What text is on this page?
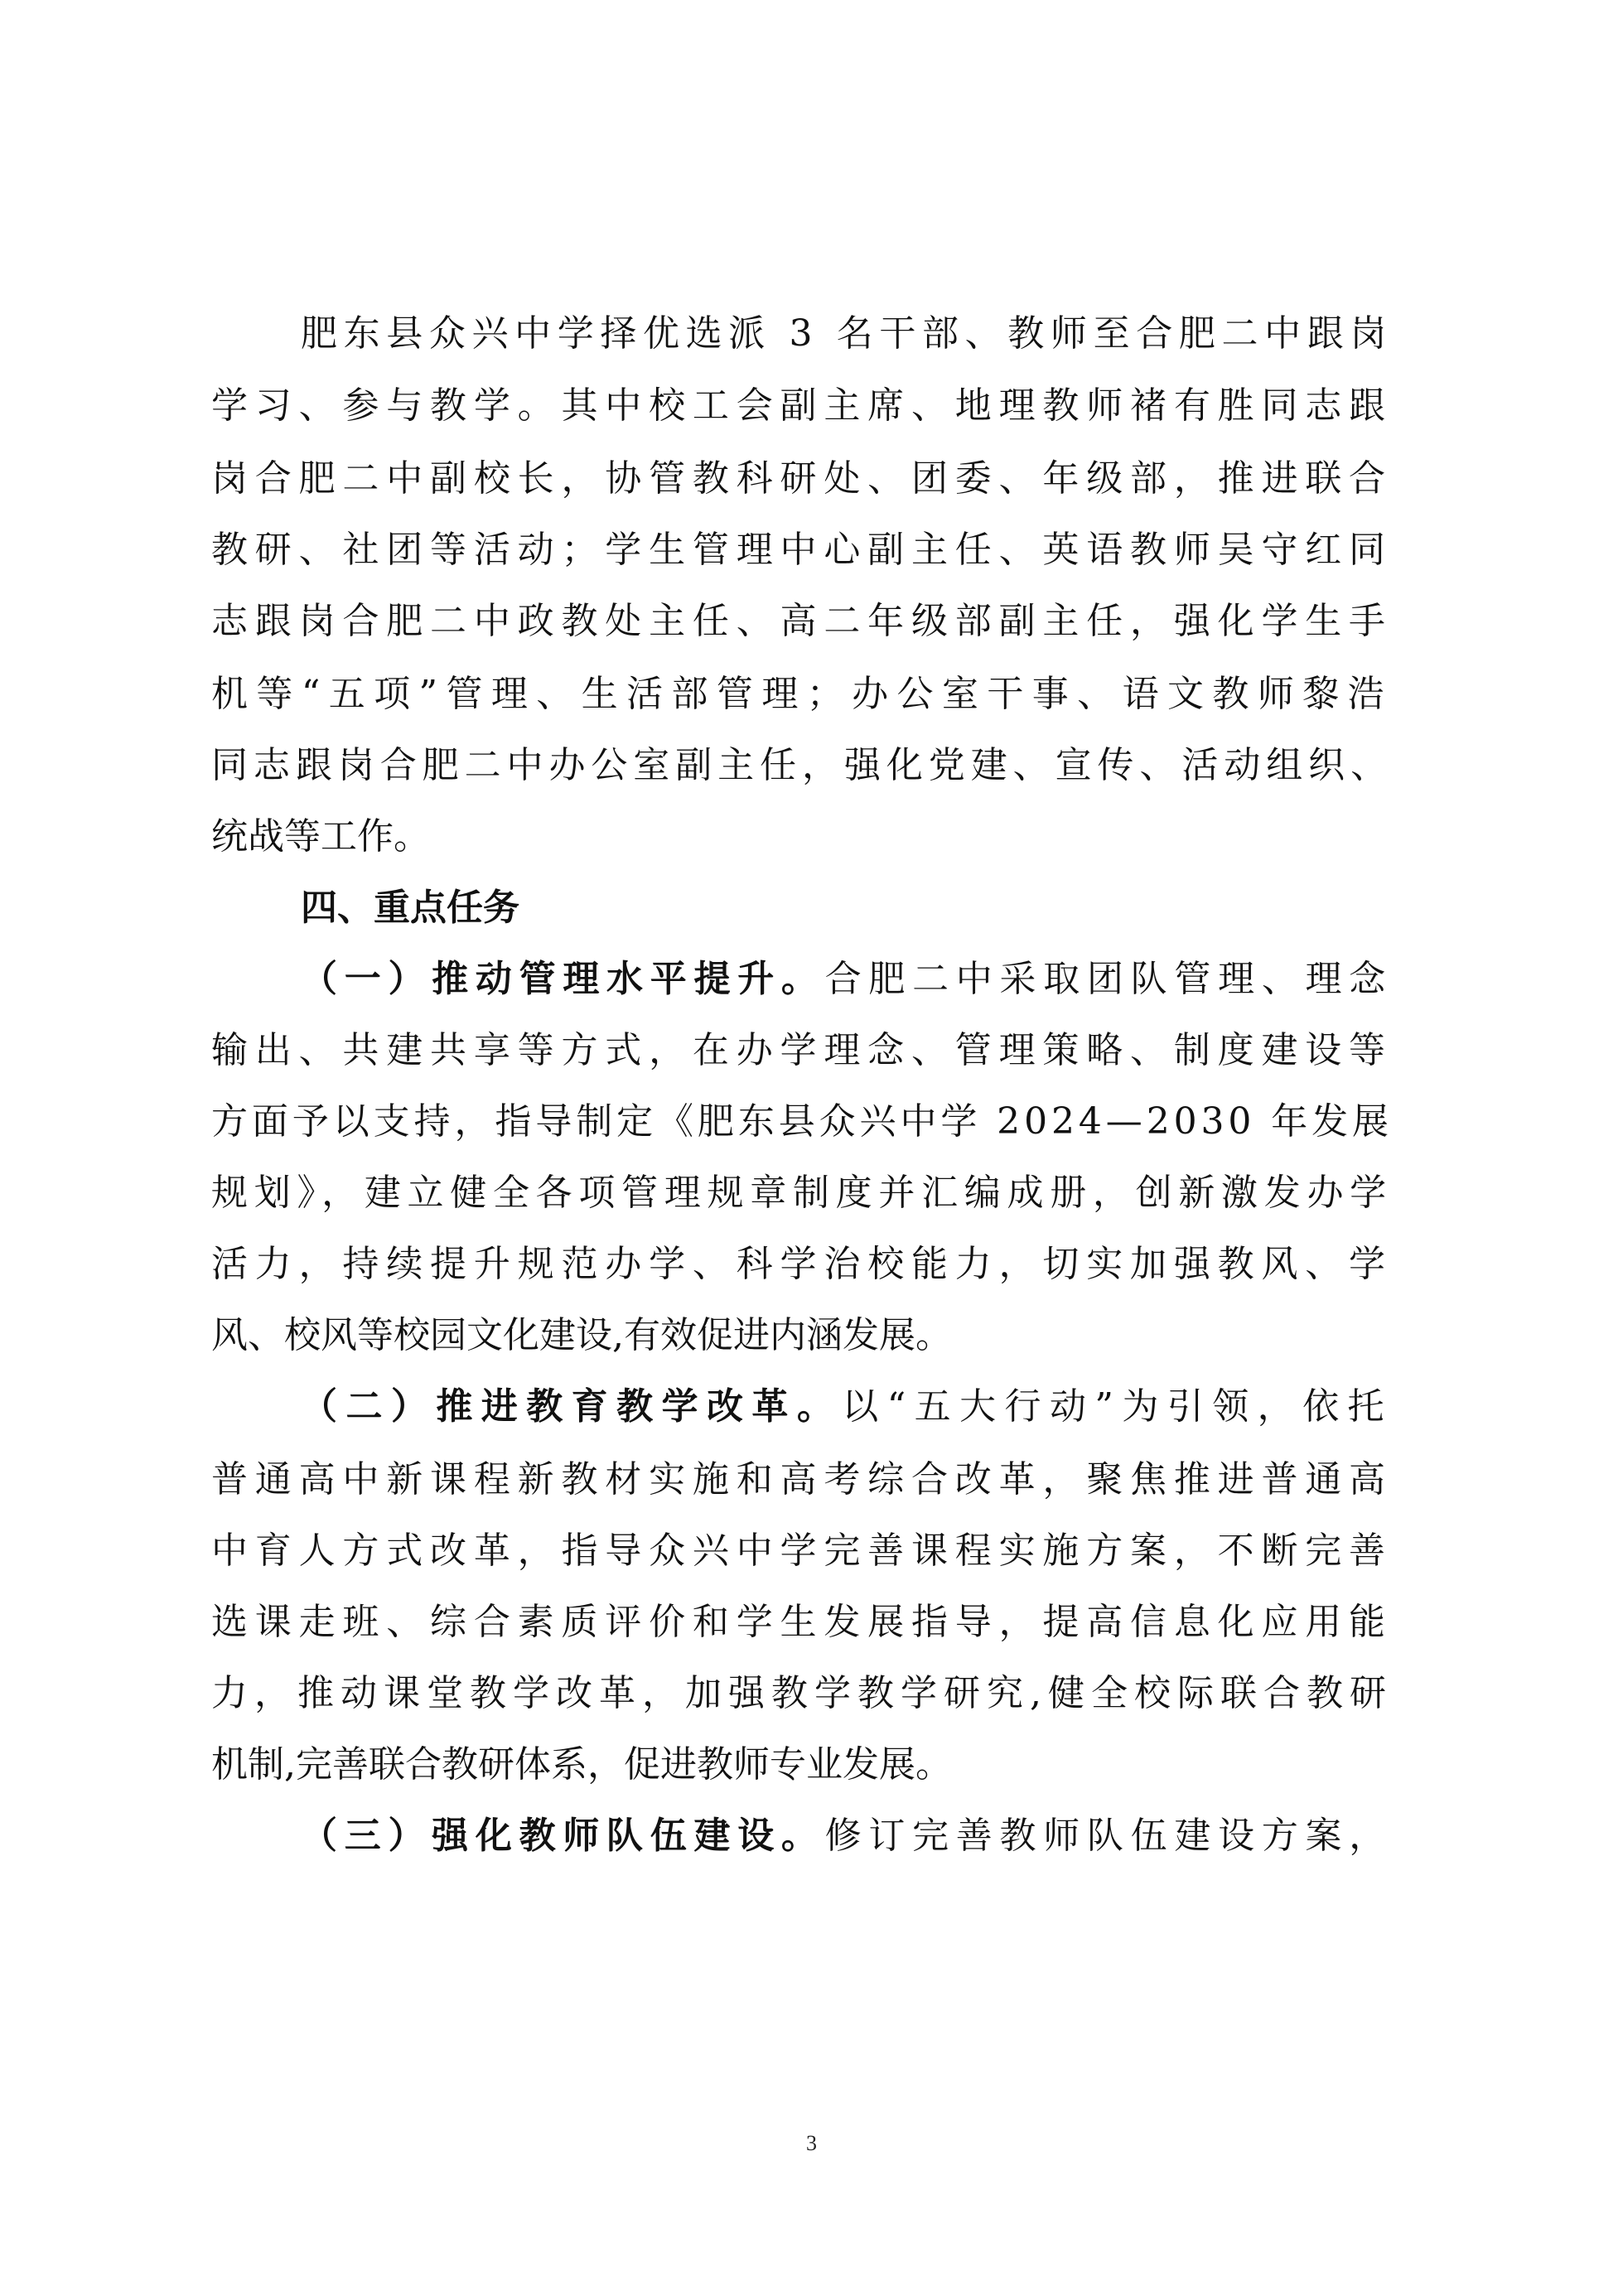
肥东县众兴中学择优选派 3 名干部、教师至合肥二中跟岗
学习、参与教学。其中校工会副主席、地理教师褚有胜同志跟
岗合肥二中副校长，协管教科研处、团委、年级部，推进联合
教研、社团等活动；学生管理中心副主任、英语教师吴守红同
志跟岗合肥二中政教处主任、高二年级部副主任，强化学生手
机等“五项”管理、生活部管理；办公室干事、语文教师黎浩
同志跟岗合肥二中办公室副主任，强化党建、宣传、活动组织、
统战等工作。
四、重点任务
（一）推动管理水平提升。合肥二中采取团队管理、理念
输出、共建共享等方式，在办学理念、管理策略、制度建设等
方面予以支持，指导制定《肥东县众兴中学 2024—2030 年发展
规划》，建立健全各项管理规章制度并汇编成册，创新激发办学
活力，持续提升规范办学、科学治校能力，切实加强教风、学
风、校风等校园文化建设,有效促进内涵发展。
（二）推进教育教学改革。以“五大行动”为引领，依托
普通高中新课程新教材实施和高考综合改革，聚焦推进普通高
中育人方式改革，指导众兴中学完善课程实施方案，不断完善
选课走班、综合素质评价和学生发展指导，提高信息化应用能
力，推动课堂教学改革，加强教学教学研究,健全校际联合教研
机制,完善联合教研体系，促进教师专业发展。
（三）强化教师队伍建设。修订完善教师队伍建设方案，
3
